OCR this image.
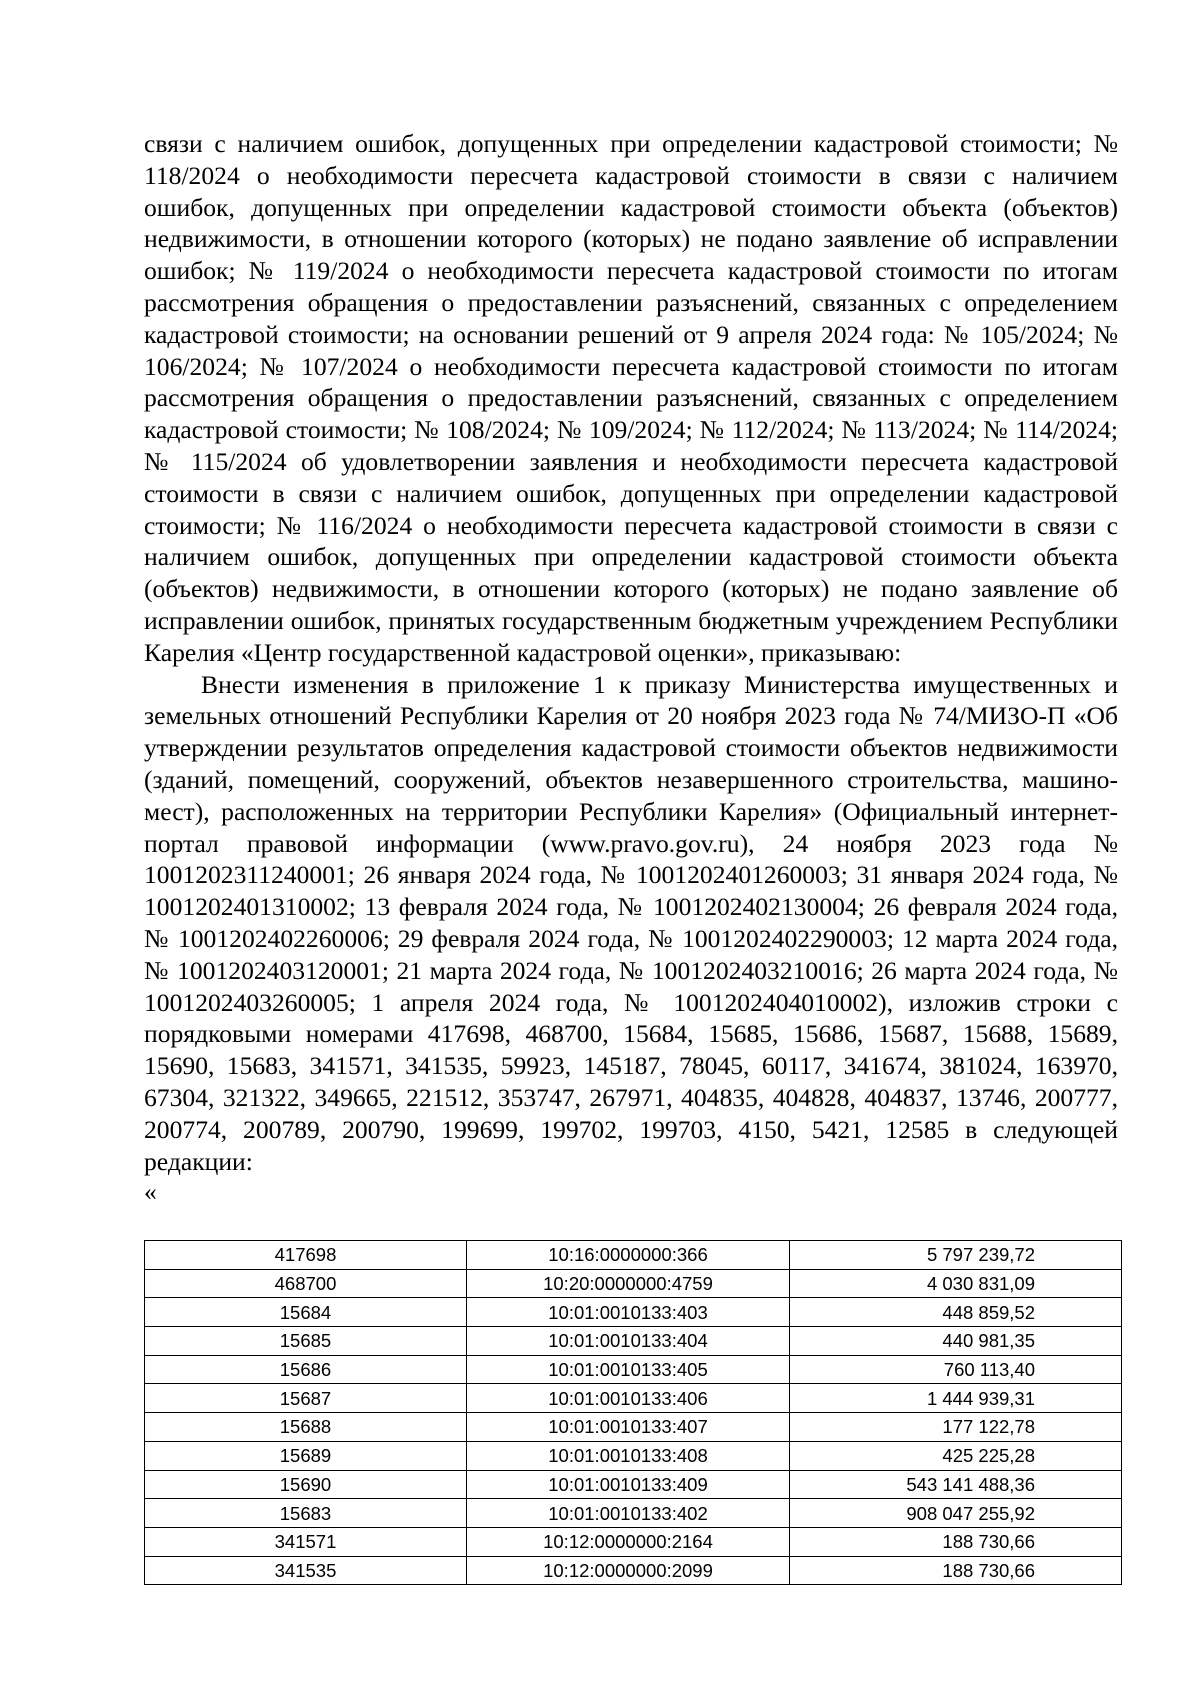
связи с наличием ошибок, допущенных при определении кадастровой стоимости; № 118/2024 о необходимости пересчета кадастровой стоимости в связи с наличием ошибок, допущенных при определении кадастровой стоимости объекта (объектов) недвижимости, в отношении которого (которых) не подано заявление об исправлении ошибок; № 119/2024 о необходимости пересчета кадастровой стоимости по итогам рассмотрения обращения о предоставлении разъяснений, связанных с определением кадастровой стоимости; на основании решений от 9 апреля 2024 года: № 105/2024; № 106/2024; № 107/2024 о необходимости пересчета кадастровой стоимости по итогам рассмотрения обращения о предоставлении разъяснений, связанных с определением кадастровой стоимости; № 108/2024; № 109/2024; № 112/2024; № 113/2024; № 114/2024; № 115/2024 об удовлетворении заявления и необходимости пересчета кадастровой стоимости в связи с наличием ошибок, допущенных при определении кадастровой стоимости; № 116/2024 о необходимости пересчета кадастровой стоимости в связи с наличием ошибок, допущенных при определении кадастровой стоимости объекта (объектов) недвижимости, в отношении которого (которых) не подано заявление об исправлении ошибок, принятых государственным бюджетным учреждением Республики Карелия «Центр государственной кадастровой оценки», приказываю:

Внести изменения в приложение 1 к приказу Министерства имущественных и земельных отношений Республики Карелия от 20 ноября 2023 года № 74/МИЗО-П «Об утверждении результатов определения кадастровой стоимости объектов недвижимости (зданий, помещений, сооружений, объектов незавершенного строительства, машино-мест), расположенных на территории Республики Карелия» (Официальный интернет-портал правовой информации (www.pravo.gov.ru), 24 ноября 2023 года № 1001202311240001; 26 января 2024 года, № 1001202401260003; 31 января 2024 года, № 1001202401310002; 13 февраля 2024 года, № 1001202402130004; 26 февраля 2024 года, № 1001202402260006; 29 февраля 2024 года, № 1001202402290003; 12 марта 2024 года, № 1001202403120001; 21 марта 2024 года, № 1001202403210016; 26 марта 2024 года, № 1001202403260005; 1 апреля 2024 года, № 1001202404010002), изложив строки с порядковыми номерами 417698, 468700, 15684, 15685, 15686, 15687, 15688, 15689, 15690, 15683, 341571, 341535, 59923, 145187, 78045, 60117, 341674, 381024, 163970, 67304, 321322, 349665, 221512, 353747, 267971, 404835, 404828, 404837, 13746, 200777, 200774, 200789, 200790, 199699, 199702, 199703, 4150, 5421, 12585 в следующей редакции:

«

417698	10:16:0000000:366	5 797 239,72
468700	10:20:0000000:4759	4 030 831,09
15684	10:01:0010133:403	448 859,52
15685	10:01:0010133:404	440 981,35
15686	10:01:0010133:405	760 113,40
15687	10:01:0010133:406	1 444 939,31
15688	10:01:0010133:407	177 122,78
15689	10:01:0010133:408	425 225,28
15690	10:01:0010133:409	543 141 488,36
15683	10:01:0010133:402	908 047 255,92
341571	10:12:0000000:2164	188 730,66
341535	10:12:0000000:2099	188 730,66
